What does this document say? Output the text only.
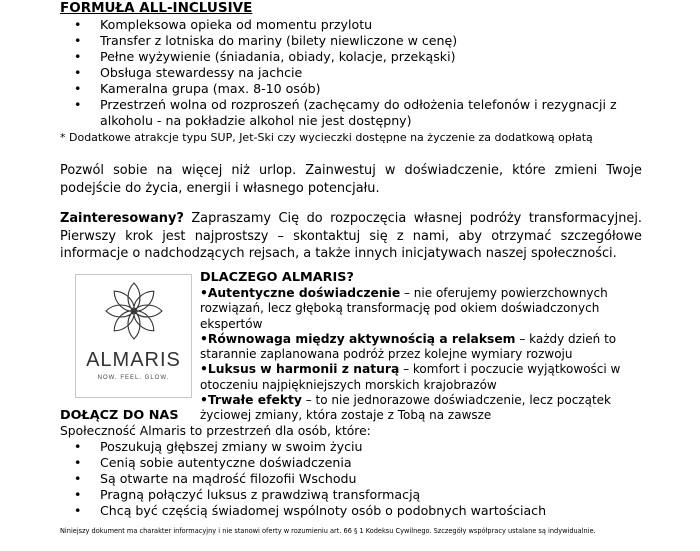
FORMUŁA ALL-INCLUSIVE
• Kompleksowa opieka od momentu przylotu
• Transfer z lotniska do mariny (bilety niewliczone w cenę)
• Pełne wyżywienie (śniadania, obiady, kolacje, przekąski)
• Obsługa stewardessy na jachcie
• Kameralna grupa (max. 8-10 osób)
• Przestrzeń wolna od rozproszeń (zachęcamy do odłożenia telefonów i rezygnacji z alkoholu - na pokładzie alkohol nie jest dostępny)
* Dodatkowe atrakcje typu SUP, Jet-Ski czy wycieczki dostępne na życzenie za dodatkową opłatą

Pozwól sobie na więcej niż urlop. Zainwestuj w doświadczenie, które zmieni Twoje podejście do życia, energii i własnego potencjału.

Zainteresowany? Zapraszamy Cię do rozpoczęcia własnej podróży transformacyjnej. Pierwszy krok jest najprostszy – skontaktuj się z nami, aby otrzymać szczegółowe informacje o nadchodzących rejsach, a także innych inicjatywach naszej społeczności.

ALMARIS
NOW. FEEL. GLOW.
DLACZEGO ALMARIS?
•Autentyczne doświadczenie – nie oferujemy powierzchownych rozwiązań, lecz głęboką transformację pod okiem doświadczonych ekspertów
•Równowaga między aktywnością a relaksem – każdy dzień to starannie zaplanowana podróż przez kolejne wymiary rozwoju
•Luksus w harmonii z naturą – komfort i poczucie wyjątkowości w otoczeniu najpiękniejszych morskich krajobrazów
•Trwałe efekty – to nie jednorazowe doświadczenie, lecz początek życiowej zmiany, która zostaje z Tobą na zawsze
DOŁĄCZ DO NAS
Społeczność Almaris to przestrzeń dla osób, które:
• Poszukują głębszej zmiany w swoim życiu
• Cenią sobie autentyczne doświadczenia
• Są otwarte na mądrość filozofii Wschodu
• Pragną połączyć luksus z prawdziwą transformacją
• Chcą być częścią świadomej wspólnoty osób o podobnych wartościach
Niniejszy dokument ma charakter informacyjny i nie stanowi oferty w rozumieniu art. 66 § 1 Kodeksu Cywilnego. Szczegóły współpracy ustalane są indywidualnie.
